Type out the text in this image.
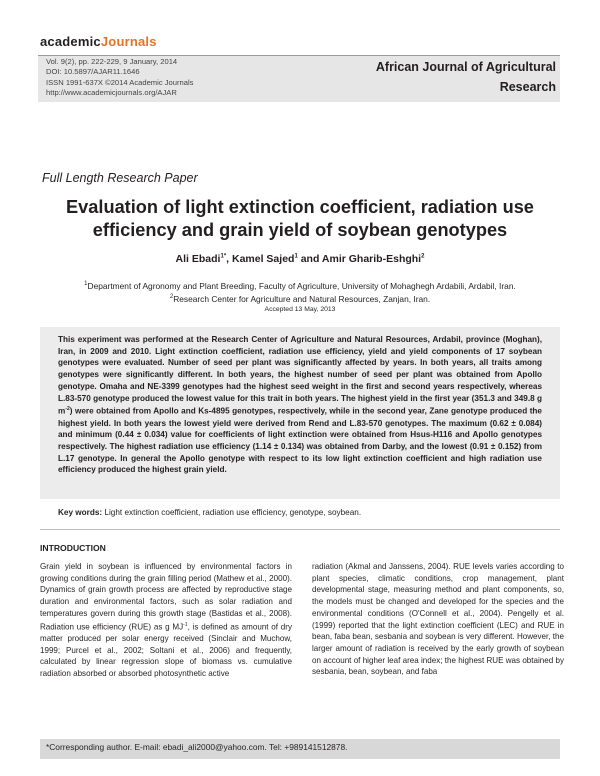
academicJournals
Vol. 9(2), pp. 222-229, 9 January, 2014
DOI: 10.5897/AJAR11.1646
ISSN 1991-637X ©2014 Academic Journals
http://www.academicjournals.org/AJAR
African Journal of Agricultural
Research
Full Length Research Paper
Evaluation of light extinction coefficient, radiation use
efficiency and grain yield of soybean genotypes
Ali Ebadi$^{1*}$, Kamel Sajed$^1$ and Amir Gharib-Eshghi$^2$
$^1$Department of Agronomy and Plant Breeding, Faculty of Agriculture, University of Mohaghegh Ardabili, Ardabil, Iran.
$^2$Research Center for Agriculture and Natural Resources, Zanjan, Iran.
Accepted 13 May, 2013
This experiment was performed at the Research Center of Agriculture and Natural Resources, Ardabil, province (Moghan), Iran, in 2009 and 2010. Light extinction coefficient, radiation use efficiency, yield and yield components of 17 soybean genotypes were evaluated. Number of seed per plant was significantly affected by years. In both years, all traits among genotypes were significantly different. In both years, the highest number of seed per plant was obtained from Apollo genotype. Omaha and NE-3399 genotypes had the highest seed weight in the first and second years respectively, whereas L.83-570 genotype produced the lowest value for this trait in both years. The highest yield in the first year (351.3 and 349.8 g $m^{-2}$) were obtained from Apollo and Ks-4895 genotypes, respectively, while in the second year, Zane genotype produced the highest yield. In both years the lowest yield were derived from Rend and L.83-570 genotypes. The maximum (0.62 ± 0.084) and minimum (0.44 ± 0.034) value for coefficients of light extinction were obtained from Hsus-H116 and Apollo genotypes respectively. The highest radiation use efficiency (1.14 ± 0.134) was obtained from Darby, and the lowest (0.91 ± 0.152) from L.17 genotype. In general the Apollo genotype with respect to its low light extinction coefficient and high radiation use efficiency produced the highest grain yield.
Key words: Light extinction coefficient, radiation use efficiency, genotype, soybean.
INTRODUCTION
Grain yield in soybean is influenced by environmental factors in growing conditions during the grain filling period (Mathew et al., 2000). Dynamics of grain growth process are affected by reproductive stage duration and environmental factors, such as solar radiation and temperatures govern during this growth stage (Bastidas et al., 2008). Radiation use efficiency (RUE) as g $MJ^{-1}$, is defined as amount of dry matter produced per solar energy received (Sinclair and Muchow, 1999; Purcel et al., 2002; Soltani et al., 2006) and frequently, calculated by linear regression slope of biomass vs. cumulative radiation absorbed or absorbed photosynthetic active
radiation (Akmal and Janssens, 2004). RUE levels varies according to plant species, climatic conditions, crop management, plant developmental stage, measuring method and plant components, so, the models must be changed and developed for the species and the environmental conditions (O'Connell et al., 2004). Pengelly et al. (1999) reported that the light extinction coefficient (LEC) and RUE in bean, faba bean, sesbania and soybean is very different. However, the larger amount of radiation is received by the early growth of soybean on account of higher leaf area index; the highest RUE was obtained by sesbania, bean, soybean, and faba
*Corresponding author. E-mail: ebadi_ali2000@yahoo.com. Tel: +989141512878.
